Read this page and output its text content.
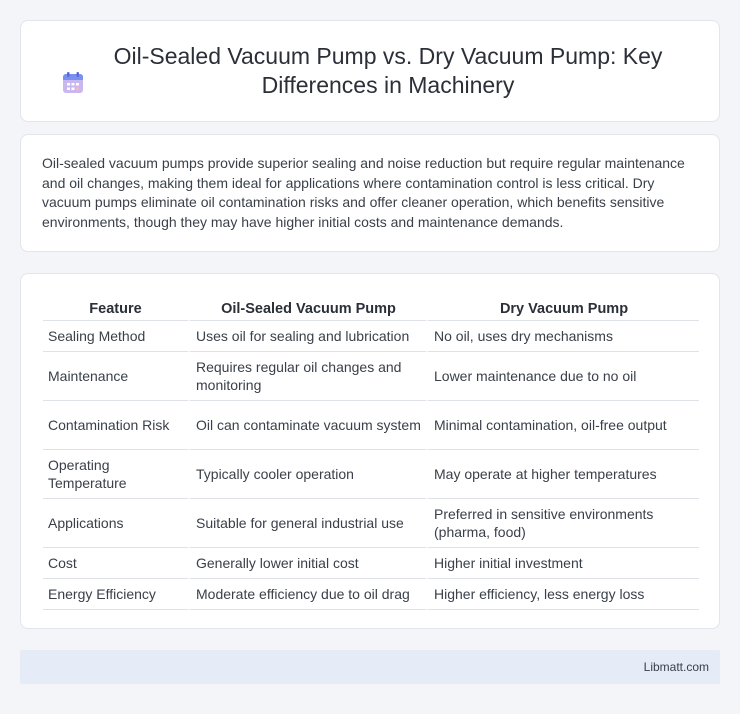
Oil-Sealed Vacuum Pump vs. Dry Vacuum Pump: Key Differences in Machinery

Oil-sealed vacuum pumps provide superior sealing and noise reduction but require regular maintenance and oil changes, making them ideal for applications where contamination control is less critical. Dry vacuum pumps eliminate oil contamination risks and offer cleaner operation, which benefits sensitive environments, though they may have higher initial costs and maintenance demands.

Feature	Oil-Sealed Vacuum Pump	Dry Vacuum Pump
Sealing Method	Uses oil for sealing and lubrication	No oil, uses dry mechanisms
Maintenance	Requires regular oil changes and monitoring	Lower maintenance due to no oil
Contamination Risk	Oil can contaminate vacuum system	Minimal contamination, oil-free output
Operating Temperature	Typically cooler operation	May operate at higher temperatures
Applications	Suitable for general industrial use	Preferred in sensitive environments (pharma, food)
Cost	Generally lower initial cost	Higher initial investment
Energy Efficiency	Moderate efficiency due to oil drag	Higher efficiency, less energy loss
Libmatt.com
